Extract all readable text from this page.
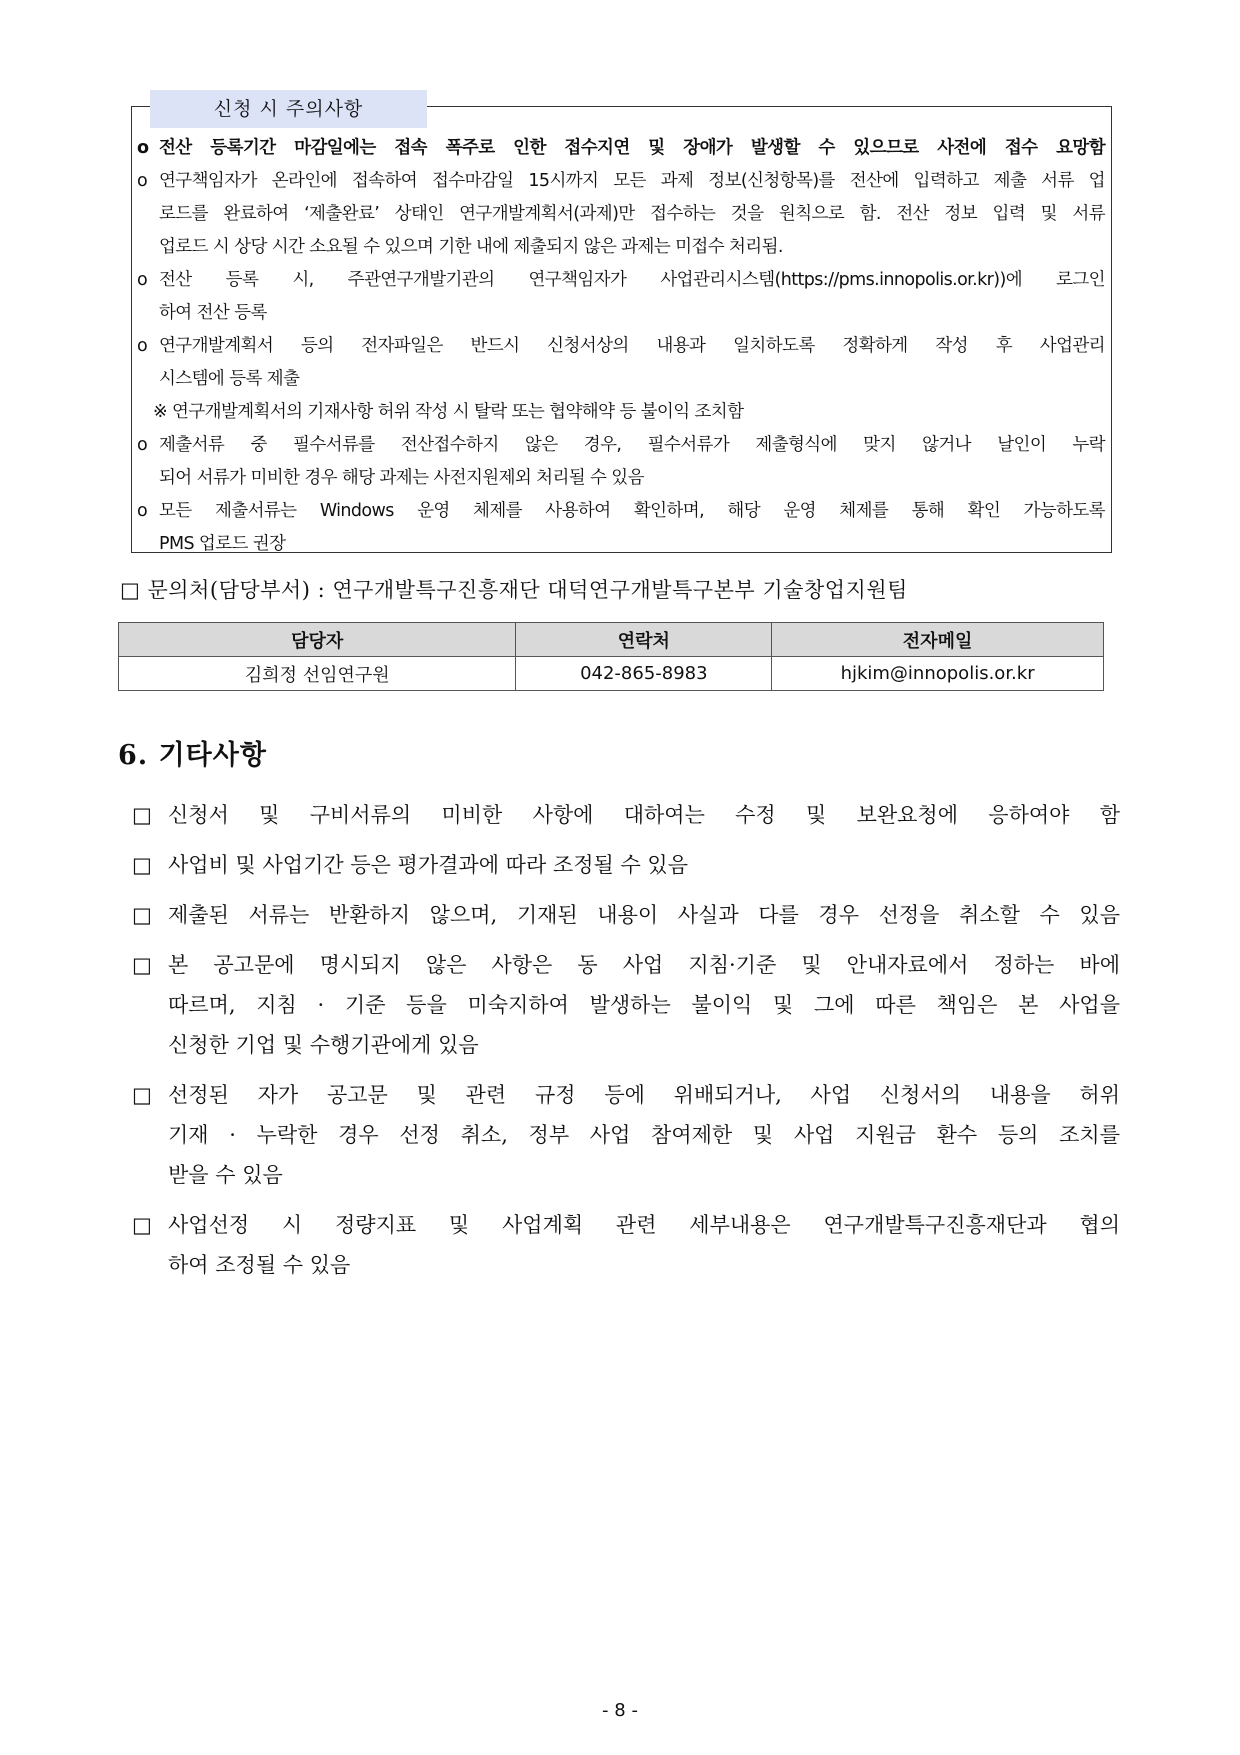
신청 시 주의사항
o 전산 등록기간 마감일에는 접속 폭주로 인한 접수지연 및 장애가 발생할 수 있으므로 사전에 접수 요망함
o 연구책임자가 온라인에 접속하여 접수마감일 15시까지 모든 과제 정보(신청항목)를 전산에 입력하고 제출 서류 업
로드를 완료하여 ‘제출완료’ 상태인 연구개발계획서(과제)만 접수하는 것을 원칙으로 함. 전산 정보 입력 및 서류
업로드 시 상당 시간 소요될 수 있으며 기한 내에 제출되지 않은 과제는 미접수 처리됨.
o 전산 등록 시, 주관연구개발기관의 연구책임자가 사업관리시스템(https://pms.innopolis.or.kr))에 로그인
하여 전산 등록
o 연구개발계획서 등의 전자파일은 반드시 신청서상의 내용과 일치하도록 정확하게 작성 후 사업관리
시스템에 등록 제출
※ 연구개발계획서의 기재사항 허위 작성 시 탈락 또는 협약해약 등 불이익 조치함
o 제출서류 중 필수서류를 전산접수하지 않은 경우, 필수서류가 제출형식에 맞지 않거나 날인이 누락
되어 서류가 미비한 경우 해당 과제는 사전지원제외 처리될 수 있음
o 모든 제출서류는 Windows 운영 체제를 사용하여 확인하며, 해당 운영 체제를 통해 확인 가능하도록
PMS 업로드 권장
□ 문의처(담당부서) : 연구개발특구진흥재단 대덕연구개발특구본부 기술창업지원팀
담당자	연락처	전자메일
김희정 선임연구원	042-865-8983	hjkim@innopolis.or.kr
6. 기타사항
□ 신청서 및 구비서류의 미비한 사항에 대하여는 수정 및 보완요청에 응하여야 함
□ 사업비 및 사업기간 등은 평가결과에 따라 조정될 수 있음
□ 제출된 서류는 반환하지 않으며, 기재된 내용이 사실과 다를 경우 선정을 취소할 수 있음
□ 본 공고문에 명시되지 않은 사항은 동 사업 지침·기준 및 안내자료에서 정하는 바에
따르며, 지침 · 기준 등을 미숙지하여 발생하는 불이익 및 그에 따른 책임은 본 사업을
신청한 기업 및 수행기관에게 있음
□ 선정된 자가 공고문 및 관련 규정 등에 위배되거나, 사업 신청서의 내용을 허위
기재 · 누락한 경우 선정 취소, 정부 사업 참여제한 및 사업 지원금 환수 등의 조치를
받을 수 있음
□ 사업선정 시 정량지표 및 사업계획 관련 세부내용은 연구개발특구진흥재단과 협의
하여 조정될 수 있음
- 8 -
